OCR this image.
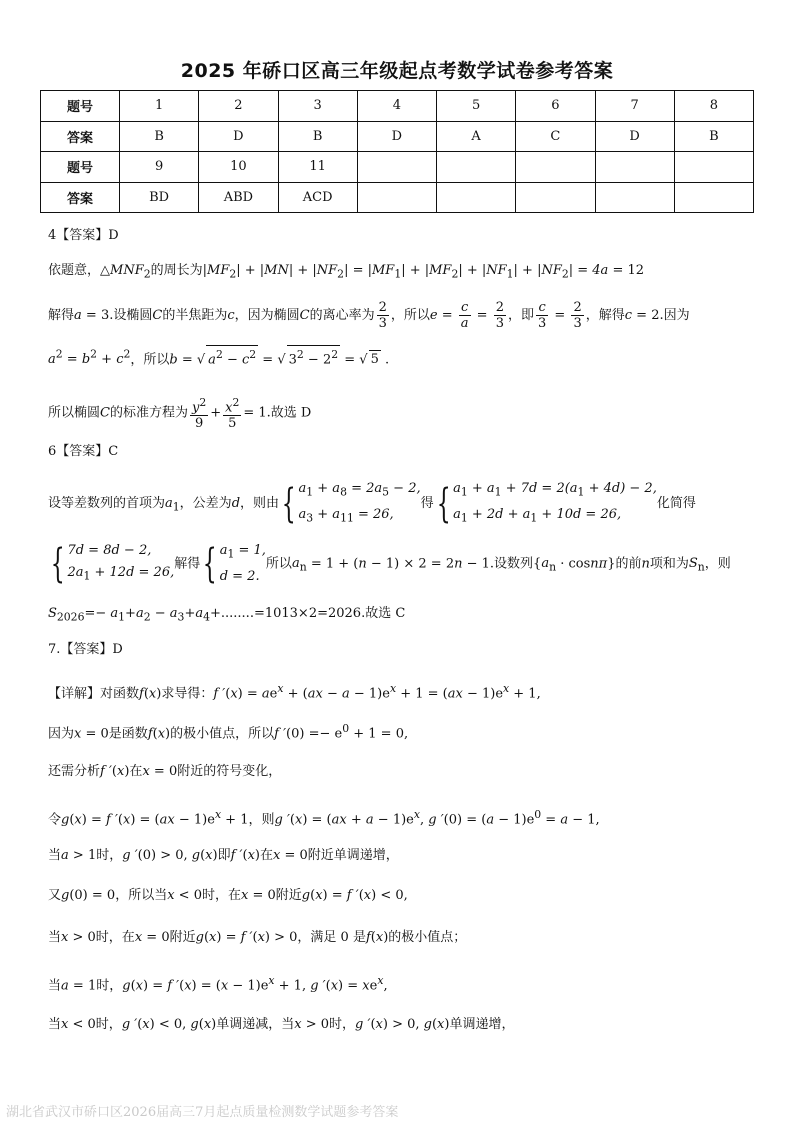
2025 年硚口区高三年级起点考数学试卷参考答案
题号	1	2	3	4	5	6	7	8
答案	B	D	B	D	A	C	D	B
题号	9	10	11					
答案	BD	ABD	ACD					
4【答案】D
依题意，$\triangle MNF_2$的周长为$|MF_2| + |MN| + |NF_2| = |MF_1| + |MF_2| + |NF_1| + |NF_2| = 4a = 12$
解得a = 3.设椭圆C的半焦距为c，因为椭圆C的离心率为 $\frac{2}{3}$ ，所以$e = \frac{c}{a} = \frac{2}{3}$ ，即 $\frac{c}{3} = \frac{2}{3}$ ，解得c = 2.因为
$a^2 = b^2 + c^2$，所以b = √ $a^2 - c^2$ = √ $3^2 - 2^2$ = √ 5 .
所以椭圆C的标准方程为 $\frac{y^2}{9} + \frac{x^2}{5} = 1$.故选 D
6【答案】C
设等差数列的首项为$a_1$，公差为d，则由{ $a_1 + a_8 = 2a_5 - 2$,
$a_3 + a_{11} = 26$,
得{ $a_1 + a_1 + 7d = 2(a_1 + 4d) - 2$,
$a_1 + 2d + a_1 + 10d = 26$,
化简得
{ 7d = 8d − 2,
$2a_1 + 12d = 26$,
解得{ $a_1 = 1$,
d = 2.
所以$a_n = 1 + (n - 1) \times 2 = 2n - 1$.设数列$\{a_n \cdot \cos n\pi\}$的前n项和为$S_n$，则
$S_{2026}=- a_1+a_2 - a_3+a_4+........=1013\times 2=2026$.故选 C
7.【答案】D
【详解】对函数f(x)求导得：f $'(x) = ae^x + (ax - a - 1)e^x + 1 = (ax - 1)e^x + 1$,
因为x = 0是函数f(x)的极小值点，所以f $'(0) =- e^0 + 1 = 0$,
还需分析f ′(x)在x = 0附近的符号变化，
令g(x) = f $'(x) = (ax - 1)e^x + 1$，则g $'(x) = (ax + a - 1)e^x$, g $'(0) = (a - 1)e^0 = a - 1$,
当a > 1时，g ′(0) > 0, g(x)即f ′(x)在x = 0附近单调递增，
又g(0) = 0，所以当x < 0时，在x = 0附近g(x) = f ′(x) < 0,
当x > 0时，在x = 0附近g(x) = f ′(x) > 0，满足 0 是f(x)的极小值点；
当a = 1时，g(x) = f $'(x) = (x - 1)e^x + 1$, g $'(x) = xe^x$,
当x < 0时，g ′(x) < 0, g(x)单调递减，当x > 0时，g ′(x) > 0, g(x)单调递增，
湖北省武汉市硚口区2026届高三7月起点质量检测数学试题参考答案
